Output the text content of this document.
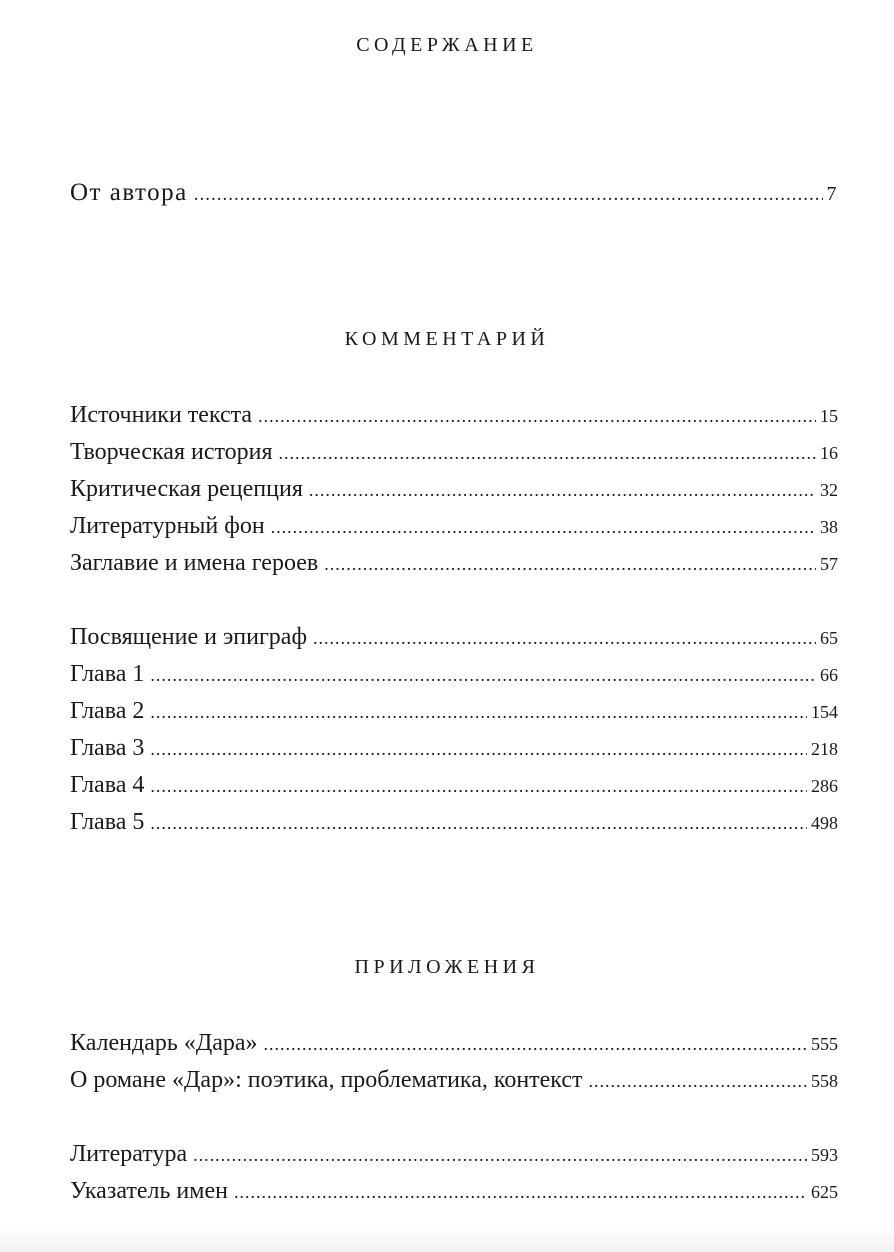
СОДЕРЖАНИЕ
От автора .....	7
КОММЕНТАРИЙ
Источники текста .....	15
Творческая история .....	16
Критическая рецепция .....	32
Литературный фон .....	38
Заглавие и имена героев .....	57
Посвящение и эпиграф .....	65
Глава 1 .....	66
Глава 2 .....	154
Глава 3 .....	218
Глава 4 .....	286
Глава 5 .....	498
ПРИЛОЖЕНИЯ
Календарь «Дара» .....	555
О романе «Дар»: поэтика, проблематика, контекст .....	558
Литература .....	593
Указатель имен .....	625
